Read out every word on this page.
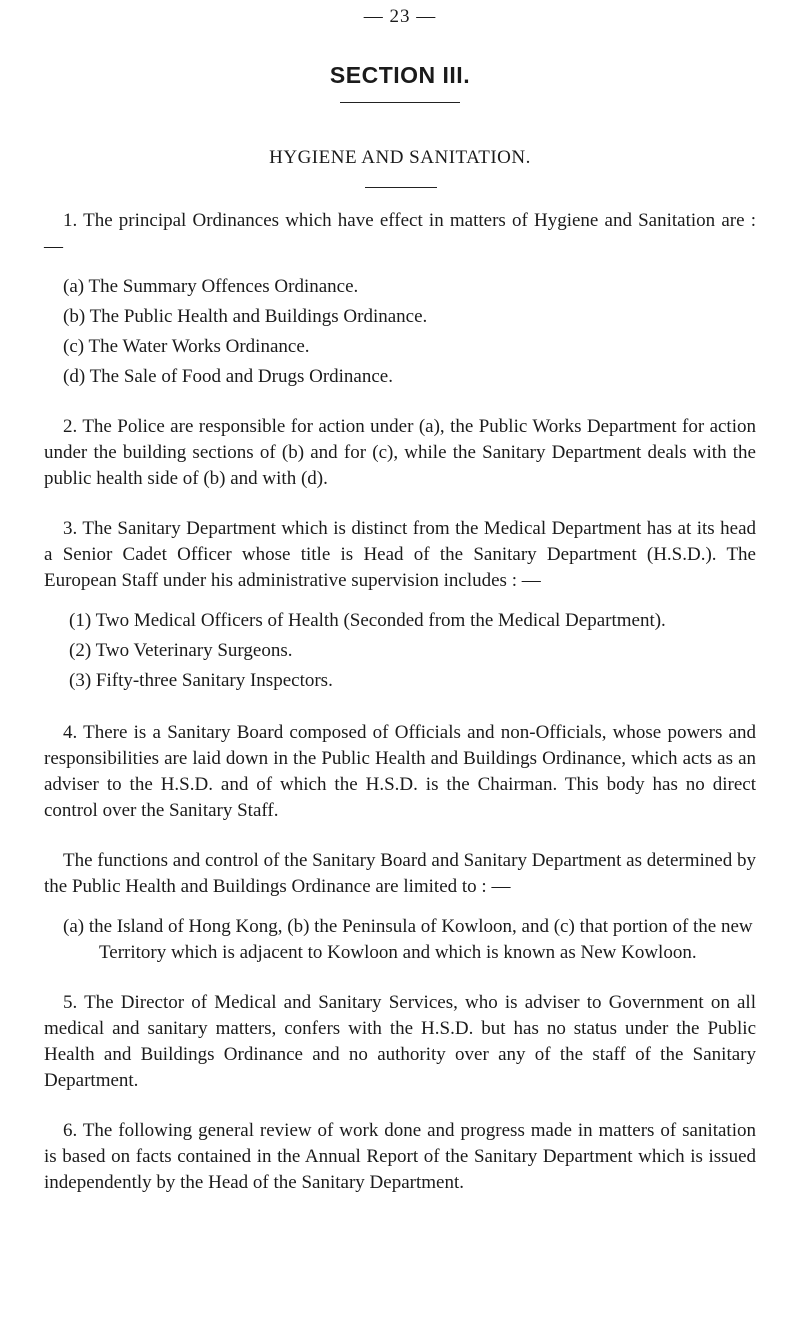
— 23 —
SECTION III.
HYGIENE AND SANITATION.

1. The principal Ordinances which have effect in matters of Hygiene and Sanitation are : —

(a) The Summary Offences Ordinance.
(b) The Public Health and Buildings Ordinance.
(c) The Water Works Ordinance.
(d) The Sale of Food and Drugs Ordinance.

2. The Police are responsible for action under (a), the Public Works Department for action under the building sections of (b) and for (c), while the Sanitary Department deals with the public health side of (b) and with (d).

3. The Sanitary Department which is distinct from the Medical Department has at its head a Senior Cadet Officer whose title is Head of the Sanitary Department (H.S.D.). The European Staff under his administrative supervision includes : —

(1) Two Medical Officers of Health (Seconded from the Medical Department).
(2) Two Veterinary Surgeons.
(3) Fifty-three Sanitary Inspectors.

4. There is a Sanitary Board composed of Officials and non-Officials, whose powers and responsibilities are laid down in the Public Health and Buildings Ordinance, which acts as an adviser to the H.S.D. and of which the H.S.D. is the Chairman. This body has no direct control over the Sanitary Staff.

The functions and control of the Sanitary Board and Sanitary Department as determined by the Public Health and Buildings Ordinance are limited to : —

(a) the Island of Hong Kong, (b) the Peninsula of Kowloon, and (c) that portion of the new Territory which is adjacent to Kowloon and which is known as New Kowloon.

5. The Director of Medical and Sanitary Services, who is adviser to Government on all medical and sanitary matters, confers with the H.S.D. but has no status under the Public Health and Buildings Ordinance and no authority over any of the staff of the Sanitary Department.

6. The following general review of work done and progress made in matters of sanitation is based on facts contained in the Annual Report of the Sanitary Department which is issued independently by the Head of the Sanitary Department.
